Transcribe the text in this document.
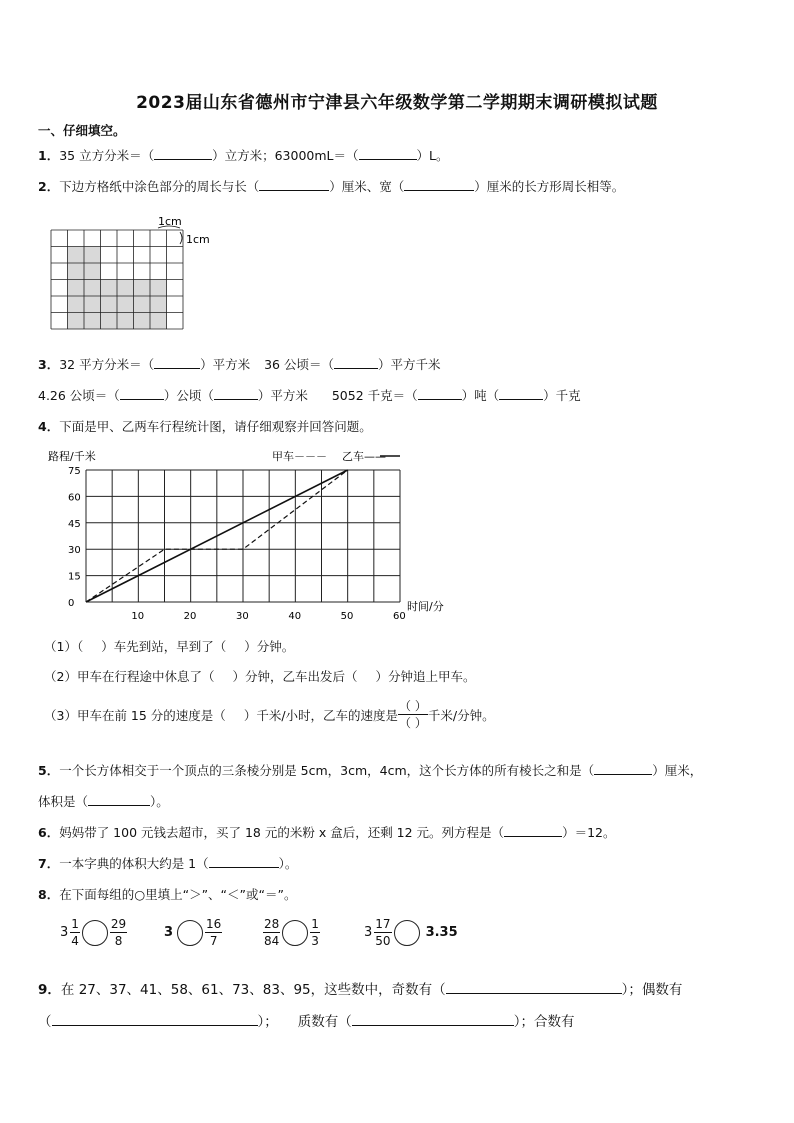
2023届山东省德州市宁津县六年级数学第二学期期末调研模拟试题
一、仔细填空。
1．35 立方分米＝（	）立方米；63000mL＝（	）L。
2．下边方格纸中涂色部分的周长与长（	）厘米、宽（	）厘米的长方形周长相等。
1cm
1cm
3．32 平方分米＝（	）平方米 36 公顷＝（	）平方千米
4.26 公顷＝（	）公顷（	）平方米 5052 千克＝（	）吨（	）千克
4．下面是甲、乙两车行程统计图，请仔细观察并回答问题。
路程/千米	甲车－－－ 乙车——
时间/分
0
15
30
45
60
75
10	20	30	40	50	60
（1）（ ）车先到站，早到了（ ）分钟。
（2）甲车在行程途中休息了（ ）分钟，乙车出发后（ ）分钟追上甲车。
（3）甲车在前 15 分的速度是（ ）千米/小时，乙车的速度是 $\frac{( )}{( )}$ 千米/分钟。
5．一个长方体相交于一个顶点的三条棱分别是 5cm，3cm，4cm，这个长方体的所有棱长之和是（	）厘米，
体积是（	）。
6．妈妈带了 100 元钱去超市，买了 18 元的米粉 x 盒后，还剩 12 元。列方程是（	）＝12。
7．一本字典的体积大约是 1（	）。
8．在下面每组的○里填上“＞”、“＜”或“＝”。
$3 \frac{1}{4}$	$\frac{29}{8}$	3	$\frac{16}{7}$	$\frac{28}{84}$	$\frac{1}{3}$	$3 \frac{17}{50}$	3.35
9．在 27、37、41、58、61、73、83、95，这些数中，奇数有（	）；偶数有
（	）； 质数有（	）；合数有
